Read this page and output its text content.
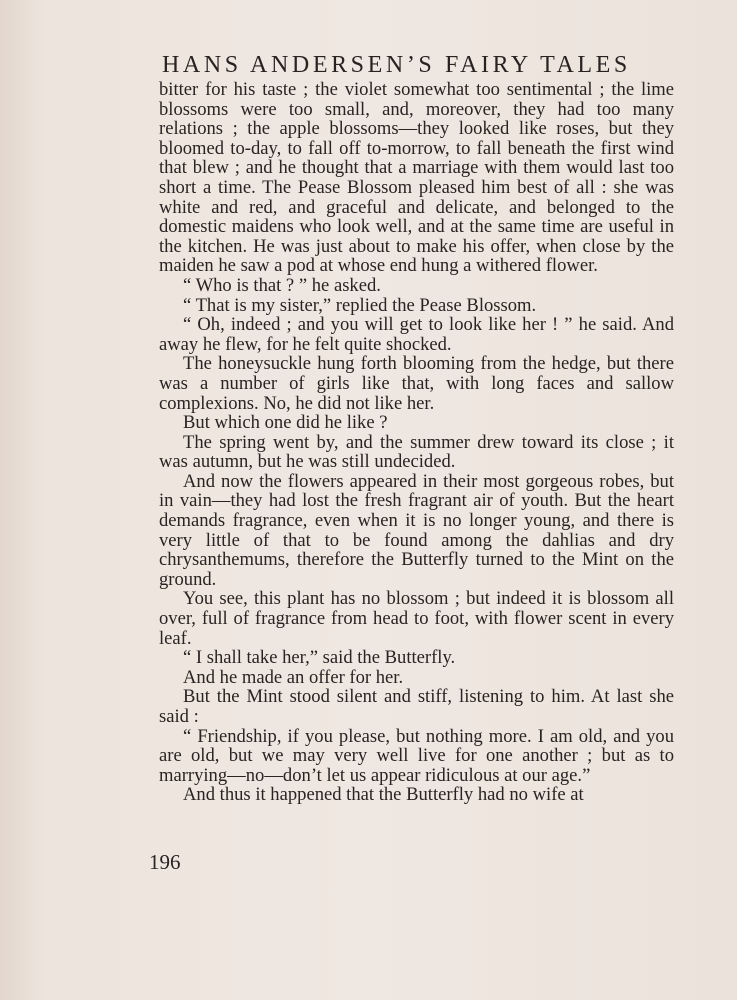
HANS ANDERSEN’S FAIRY TALES

bitter for his taste ; the violet somewhat too sentimental ; the lime blossoms were too small, and, moreover, they had too many relations ; the apple blossoms—they looked like roses, but they bloomed to-day, to fall off to-morrow, to fall beneath the first wind that blew ; and he thought that a marriage with them would last too short a time. The Pease Blossom pleased him best of all : she was white and red, and graceful and delicate, and belonged to the domestic maidens who look well, and at the same time are useful in the kitchen. He was just about to make his offer, when close by the maiden he saw a pod at whose end hung a withered flower.

“ Who is that ? ” he asked.

“ That is my sister,” replied the Pease Blossom.

“ Oh, indeed ; and you will get to look like her ! ” he said. And away he flew, for he felt quite shocked.

The honeysuckle hung forth blooming from the hedge, but there was a number of girls like that, with long faces and sallow complexions. No, he did not like her.

But which one did he like ?

The spring went by, and the summer drew toward its close ; it was autumn, but he was still undecided.

And now the flowers appeared in their most gorgeous robes, but in vain—they had lost the fresh fragrant air of youth. But the heart demands fragrance, even when it is no longer young, and there is very little of that to be found among the dahlias and dry chrysanthemums, therefore the Butterfly turned to the Mint on the ground.

You see, this plant has no blossom ; but indeed it is blossom all over, full of fragrance from head to foot, with flower scent in every leaf.

“ I shall take her,” said the Butterfly.

And he made an offer for her.

But the Mint stood silent and stiff, listening to him. At last she said :

“ Friendship, if you please, but nothing more. I am old, and you are old, but we may very well live for one another ; but as to marrying—no—don’t let us appear ridiculous at our age.”

And thus it happened that the Butterfly had no wife at

196
